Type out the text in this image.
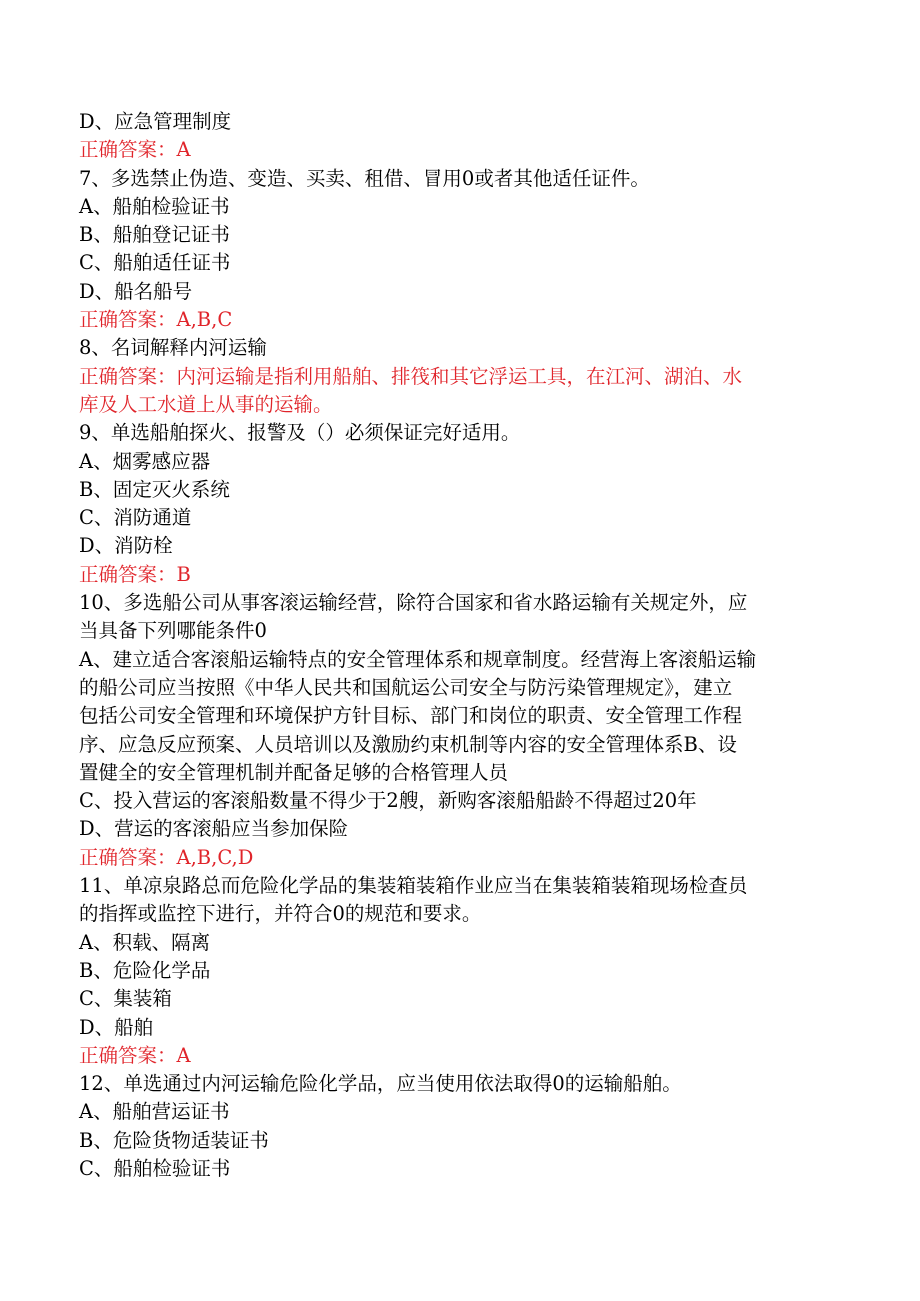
D、应急管理制度
正确答案：A
7、多选禁止伪造、变造、买卖、租借、冒用0或者其他适任证件。
A、船舶检验证书
B、船舶登记证书
C、船舶适任证书
D、船名船号
正确答案：A,B,C
8、名词解释内河运输
正确答案：内河运输是指利用船舶、排筏和其它浮运工具，在江河、湖泊、水
库及人工水道上从事的运输。
9、单选船舶探火、报警及（）必须保证完好适用。
A、烟雾感应器
B、固定灭火系统
C、消防通道
D、消防栓
正确答案：B
10、多选船公司从事客滚运输经营，除符合国家和省水路运输有关规定外，应
当具备下列哪能条件0
A、建立适合客滚船运输特点的安全管理体系和规章制度。经营海上客滚船运输
的船公司应当按照《中华人民共和国航运公司安全与防污染管理规定》，建立
包括公司安全管理和环境保护方针目标、部门和岗位的职责、安全管理工作程
序、应急反应预案、人员培训以及激励约束机制等内容的安全管理体系B、设
置健全的安全管理机制并配备足够的合格管理人员
C、投入营运的客滚船数量不得少于2艘，新购客滚船船龄不得超过20年
D、营运的客滚船应当参加保险
正确答案：A,B,C,D
11、单凉泉路总而危险化学品的集装箱装箱作业应当在集装箱装箱现场检查员
的指挥或监控下进行，并符合0的规范和要求。
A、积载、隔离
B、危险化学品
C、集装箱
D、船舶
正确答案：A
12、单选通过内河运输危险化学品，应当使用依法取得0的运输船舶。
A、船舶营运证书
B、危险货物适装证书
C、船舶检验证书
